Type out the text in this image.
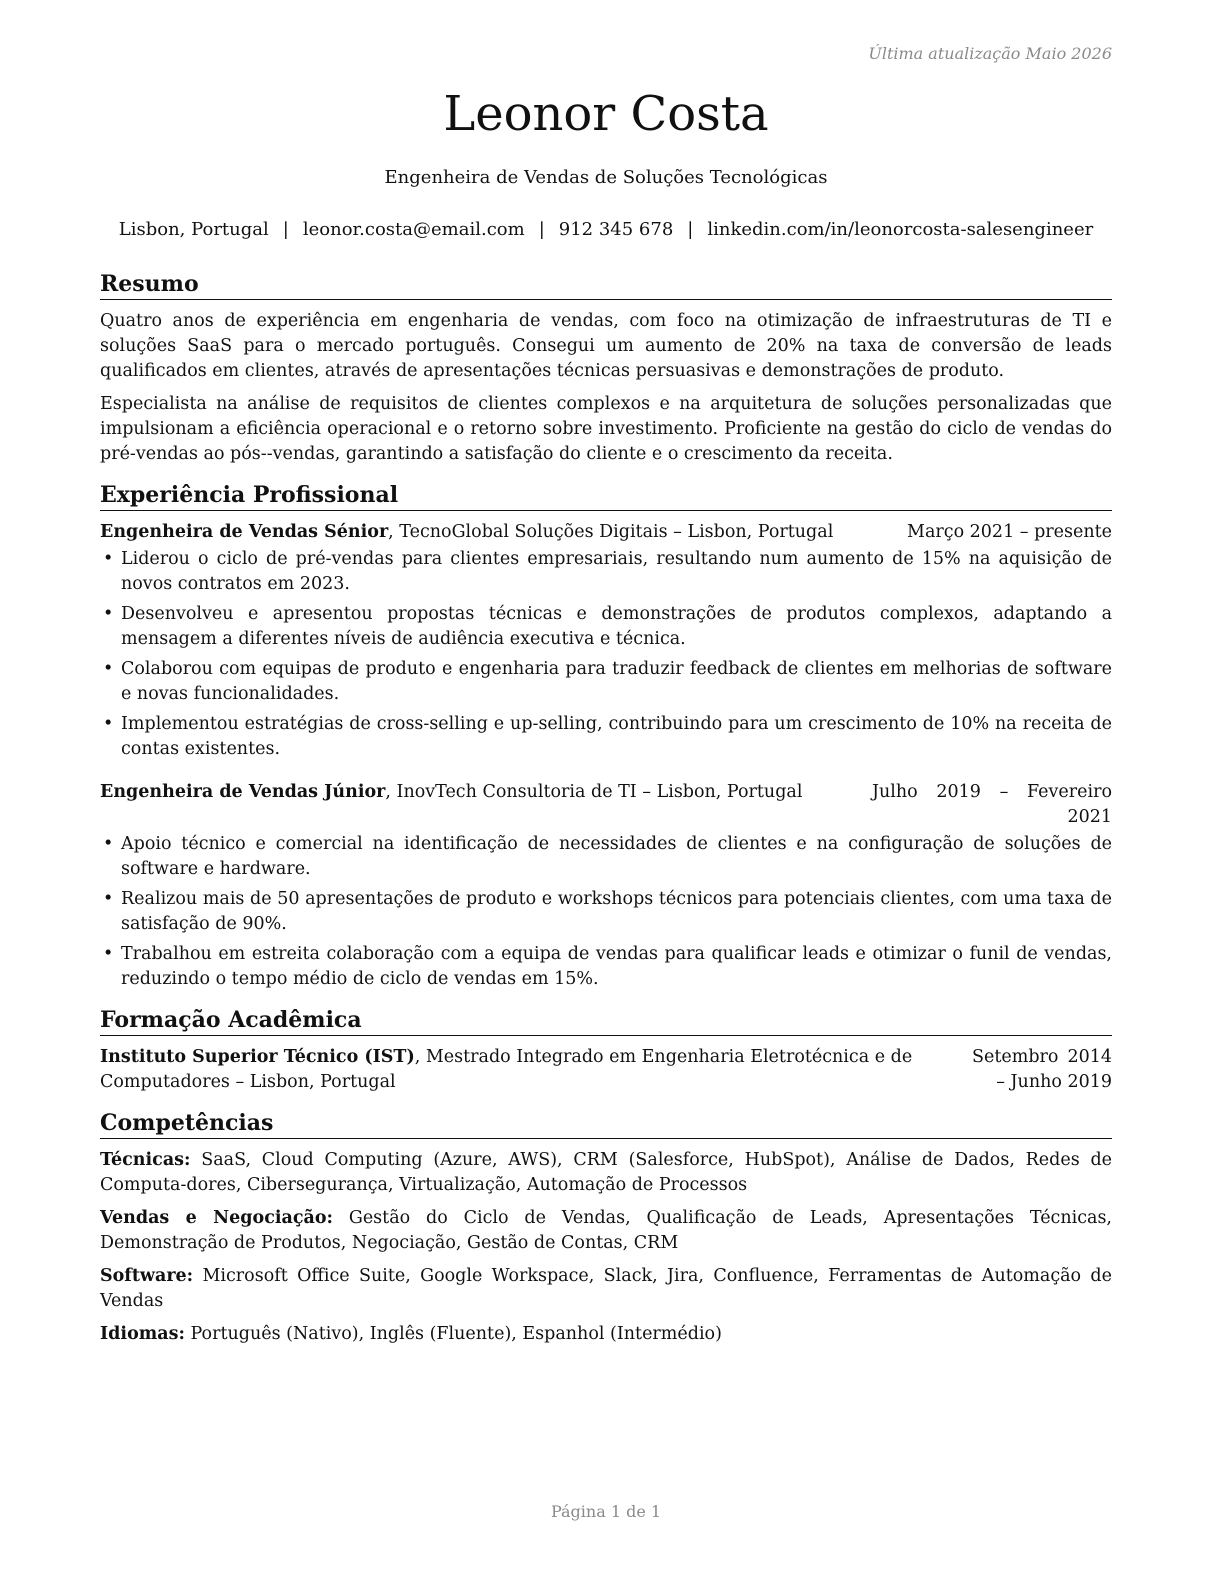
Última atualização Maio 2026
Leonor Costa
Engenheira de Vendas de Soluções Tecnológicas
Lisbon, Portugal | leonor.costa@email.com | 912 345 678 | linkedin.com/in/leonorcosta-salesengineer
Resumo

Quatro anos de experiência em engenharia de vendas, com foco na otimização de infraestruturas de TI e soluções SaaS para o mercado português. Consegui um aumento de 20% na taxa de conversão de leads qualificados em clientes, através de apresentações técnicas persuasivas e demonstrações de produto.

Especialista na análise de requisitos de clientes complexos e na arquitetura de soluções personalizadas que impulsionam a eficiência operacional e o retorno sobre investimento. Proficiente na gestão do ciclo de vendas do pré-vendas ao pós--vendas, garantindo a satisfação do cliente e o crescimento da receita.

Experiência Profissional
Engenheira de Vendas Sénior, TecnoGlobal Soluções Digitais – Lisbon, Portugal	Março 2021 – presente
• Liderou o ciclo de pré-vendas para clientes empresariais, resultando num aumento de 15% na aquisição de novos contratos em 2023.
• Desenvolveu e apresentou propostas técnicas e demonstrações de produtos complexos, adaptando a mensagem a diferentes níveis de audiência executiva e técnica.
• Colaborou com equipas de produto e engenharia para traduzir feedback de clientes em melhorias de software e novas funcionalidades.
• Implementou estratégias de cross-selling e up-selling, contribuindo para um crescimento de 10% na receita de contas existentes.
Engenheira de Vendas Júnior, InovTech Consultoria de TI – Lisbon, Portugal	Julho 2019 – Fevereiro 2021
• Apoio técnico e comercial na identificação de necessidades de clientes e na configuração de soluções de software e hardware.
• Realizou mais de 50 apresentações de produto e workshops técnicos para potenciais clientes, com uma taxa de satisfação de 90%.
• Trabalhou em estreita colaboração com a equipa de vendas para qualificar leads e otimizar o funil de vendas, reduzindo o tempo médio de ciclo de vendas em 15%.
Formação Acadêmica
Instituto Superior Técnico (IST), Mestrado Integrado em Engenharia Eletrotécnica e de Computadores – Lisbon, Portugal
Setembro 2014 – Junho 2019
Competências
Técnicas: SaaS, Cloud Computing (Azure, AWS), CRM (Salesforce, HubSpot), Análise de Dados, Redes de Computa-dores, Cibersegurança, Virtualização, Automação de Processos
Vendas e Negociação: Gestão do Ciclo de Vendas, Qualificação de Leads, Apresentações Técnicas, Demonstração de Produtos, Negociação, Gestão de Contas, CRM
Software: Microsoft Office Suite, Google Workspace, Slack, Jira, Confluence, Ferramentas de Automação de Vendas
Idiomas: Português (Nativo), Inglês (Fluente), Espanhol (Intermédio)
Página 1 de 1
